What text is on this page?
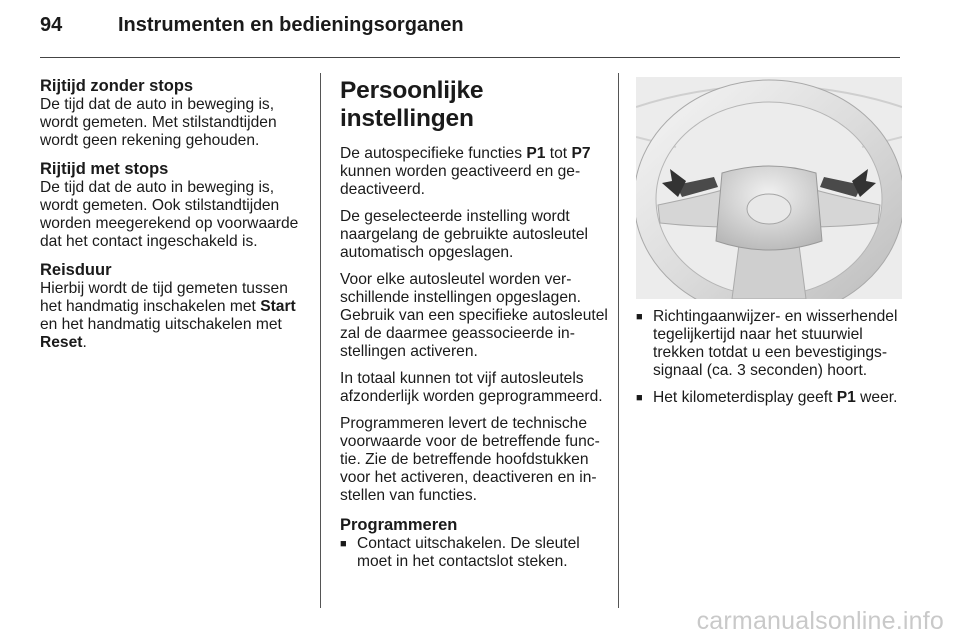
94	Instrumenten en bedieningsorganen
Rijtijd zonder stops

De tijd dat de auto in beweging is, wordt gemeten. Met stilstandtijden wordt geen rekening gehouden.

Rijtijd met stops

De tijd dat de auto in beweging is, wordt gemeten. Ook stilstandtijden worden meegerekend op voorwaarde dat het contact ingeschakeld is.

Reisduur

Hierbij wordt de tijd gemeten tussen het handmatig inschakelen met Start en het handmatig uitschakelen met Reset.

Persoonlijke instellingen

De autospecifieke functies P1 tot P7 kunnen worden geactiveerd en gedeactiveerd.

De geselecteerde instelling wordt naargelang de gebruikte autosleutel automatisch opgeslagen.

Voor elke autosleutel worden verschillende instellingen opgeslagen. Gebruik van een specifieke autosleutel zal de daarmee geassocieerde instellingen activeren.

In totaal kunnen tot vijf autosleutels afzonderlijk worden geprogrammeerd.

Programmeren levert de technische voorwaarde voor de betreffende functie. Zie de betreffende hoofdstukken voor het activeren, deactiveren en instellen van functies.

Programmeren
■ Contact uitschakelen. De sleutel moet in het contactslot steken.
■ Richtingaanwijzer- en wisserhendel tegelijkertijd naar het stuurwiel trekken totdat u een bevestigingssignaal (ca. 3 seconden) hoort.
■ Het kilometerdisplay geeft P1 weer.
carmanualsonline.info
